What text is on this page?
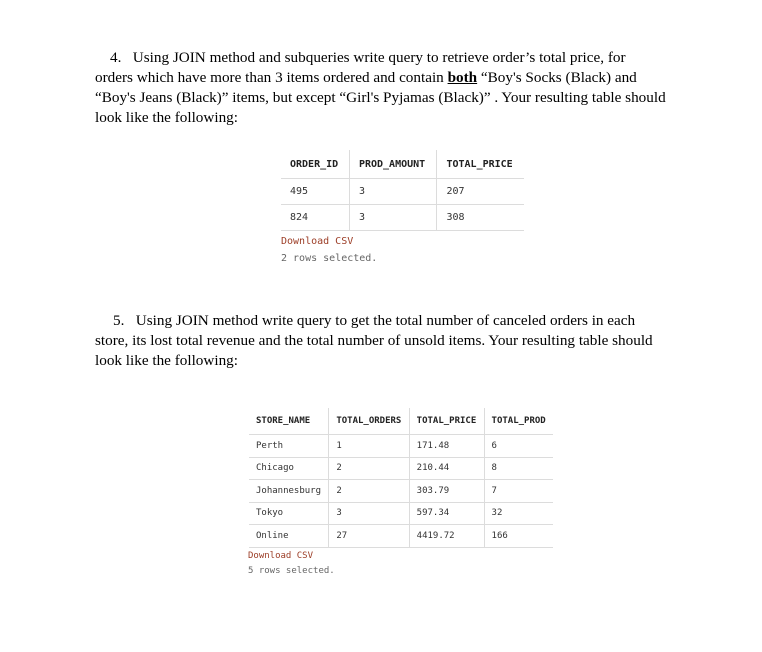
4. Using JOIN method and subqueries write query to retrieve order’s total price, for
orders which have more than 3 items ordered and contain both “Boy's Socks (Black) and
“Boy's Jeans (Black)” items, but except “Girl's Pyjamas (Black)” . Your resulting table should
look like the following:
ORDER_ID	PROD_AMOUNT	TOTAL_PRICE
495	3	207
824	3	308
Download CSV
2 rows selected.
5. Using JOIN method write query to get the total number of canceled orders in each
store, its lost total revenue and the total number of unsold items. Your resulting table should
look like the following:
STORE_NAME	TOTAL_ORDERS	TOTAL_PRICE	TOTAL_PROD
Perth	1	171.48	6
Chicago	2	210.44	8
Johannesburg	2	303.79	7
Tokyo	3	597.34	32
Online	27	4419.72	166
Download CSV
5 rows selected.
